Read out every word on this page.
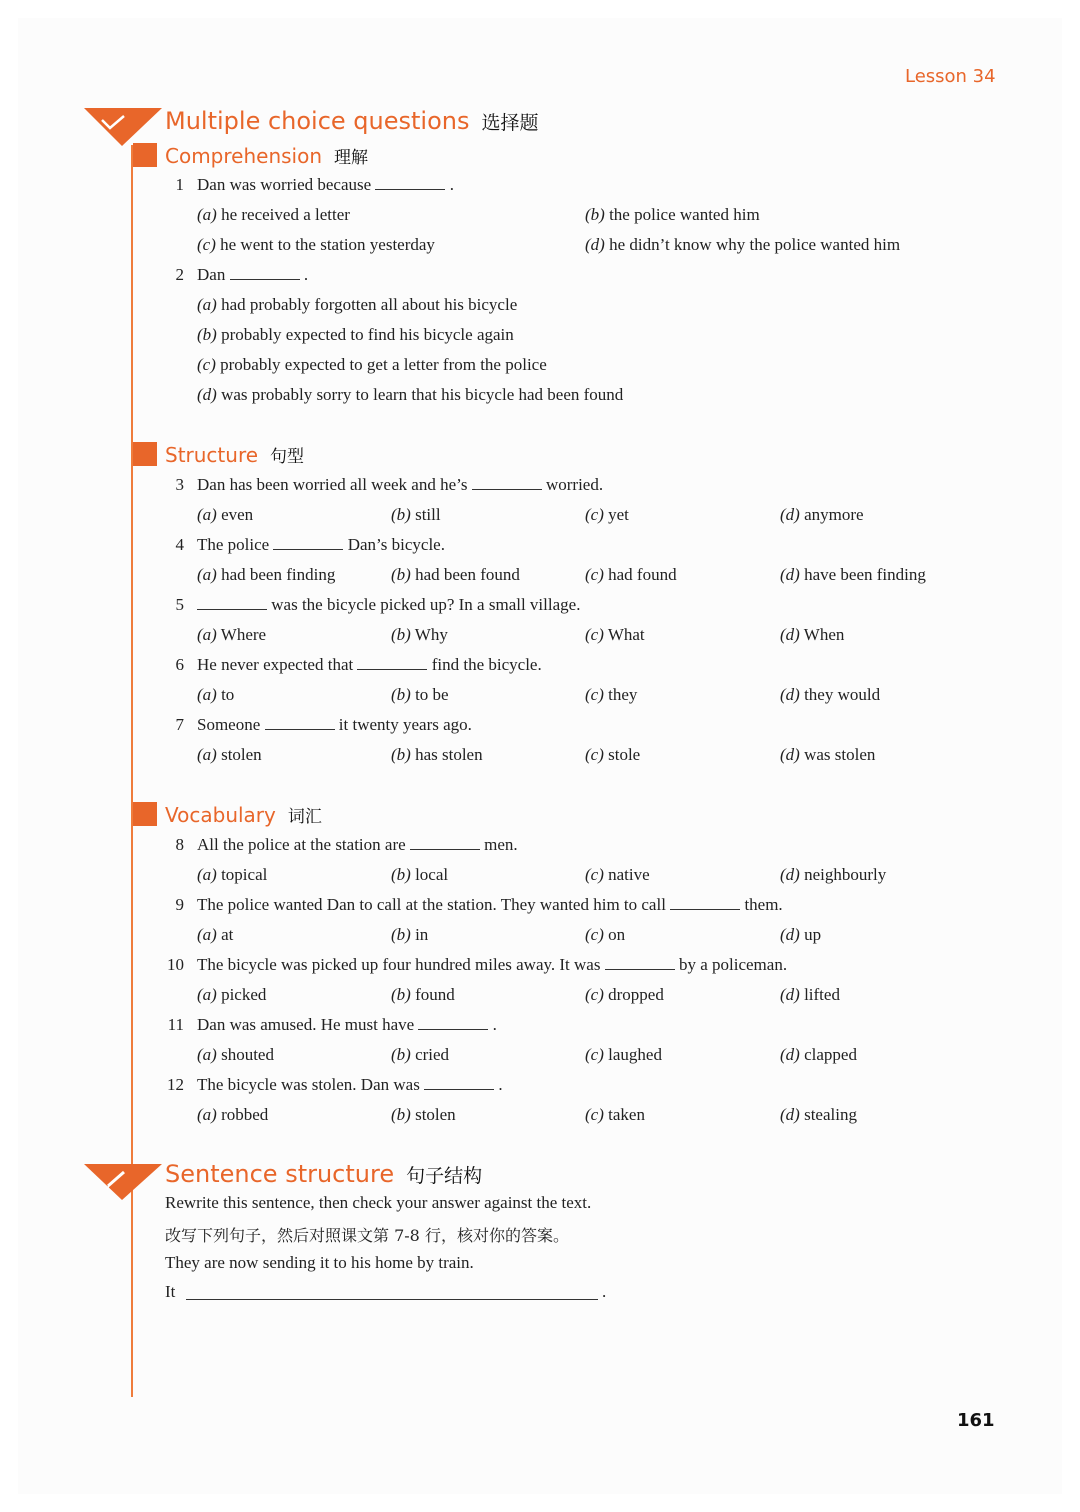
Lesson 34
Multiple choice questions 选择题
Comprehension 理解
1 Dan was worried because	.
(a) he received a letter	(b) the police wanted him
(c) he went to the station yesterday	(d) he didn’t know why the police wanted him
2 Dan	.
(a) had probably forgotten all about his bicycle
(b) probably expected to find his bicycle again
(c) probably expected to get a letter from the police
(d) was probably sorry to learn that his bicycle had been found
Structure 句型
3 Dan has been worried all week and he’s	worried.
(a) even	(b) still	(c) yet	(d) anymore
4 The police	Dan’s bicycle.
(a) had been finding	(b) had been found	(c) had found	(d) have been finding
5	was the bicycle picked up? In a small village.
(a) Where	(b) Why	(c) What	(d) When
6 He never expected that	find the bicycle.
(a) to	(b) to be	(c) they	(d) they would
7 Someone	it twenty years ago.
(a) stolen	(b) has stolen	(c) stole	(d) was stolen
Vocabulary 词汇
8 All the police at the station are	men.
(a) topical	(b) local	(c) native	(d) neighbourly
9 The police wanted Dan to call at the station. They wanted him to call	them.
(a) at	(b) in	(c) on	(d) up
10 The bicycle was picked up four hundred miles away. It was	by a policeman.
(a) picked	(b) found	(c) dropped	(d) lifted
11 Dan was amused. He must have	.
(a) shouted	(b) cried	(c) laughed	(d) clapped
12 The bicycle was stolen. Dan was	.
(a) robbed	(b) stolen	(c) taken	(d) stealing
Sentence structure 句子结构
Rewrite this sentence, then check your answer against the text.
改写下列句子，然后对照课文第 7-8 行，核对你的答案。
They are now sending it to his home by train.
It	.
161
